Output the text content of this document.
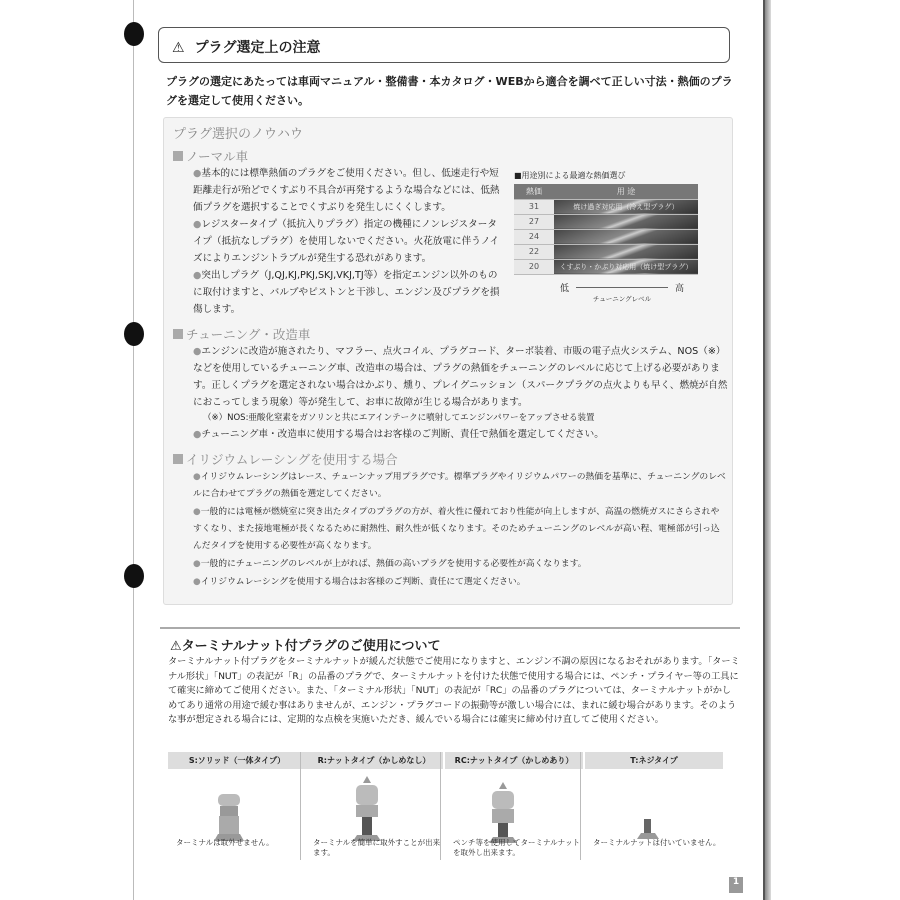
⚠ プラグ選定上の注意
プラグの選定にあたっては車両マニュアル・整備書・本カタログ・WEBから適合を調べて正しい寸法・熱価のプラグを選定して使用ください。
プラグ選択のノウハウ
ノーマル車
●基本的には標準熱価のプラグをご使用ください。但し、低速走行や短距離走行が殆どでくすぶり不具合が再発するような場合などには、低熱価プラグを選択することでくすぶりを発生しにくくします。
●レジスタータイプ（抵抗入りプラグ）指定の機種にノンレジスタータイプ（抵抗なしプラグ）を使用しないでください。火花放電に伴うノイズによりエンジントラブルが発生する恐れがあります。
●突出しプラグ（J,QJ,KJ,PKJ,SKJ,VKJ,TJ等）を指定エンジン以外のものに取付けますと、バルブやピストンと干渉し、エンジン及びプラグを損傷します。
チューニング・改造車
●エンジンに改造が施されたり、マフラー、点火コイル、プラグコード、ターボ装着、市販の電子点火システム、NOS（※）などを使用しているチューニング車、改造車の場合は、プラグの熱価をチューニングのレベルに応じて上げる必要があります。正しくプラグを選定されない場合はかぶり、燻り、プレイグニッション（スパークプラグの点火よりも早く、燃焼が自然におこってしまう現象）等が発生して、お車に故障が生じる場合があります。
（※）NOS:亜酸化窒素をガソリンと共にエアインテークに噴射してエンジンパワーをアップさせる装置
●チューニング車・改造車に使用する場合はお客様のご判断、責任で熱価を選定してください。
イリジウムレーシングを使用する場合
●イリジウムレーシングはレース、チューンナップ用プラグです。標準プラグやイリジウムパワーの熱価を基準に、チューニングのレベルに合わせてプラグの熱価を選定してください。
●一般的には電極が燃焼室に突き出たタイプのプラグの方が、着火性に優れており性能が向上しますが、高温の燃焼ガスにさらされやすくなり、また接地電極が長くなるために耐熱性、耐久性が低くなります。そのためチューニングのレベルが高い程、電極部が引っ込んだタイプを使用する必要性が高くなります。
●一般的にチューニングのレベルが上がれば、熱価の高いプラグを使用する必要性が高くなります。
●イリジウムレーシングを使用する場合はお客様のご判断、責任にて選定ください。
■用途別による最適な熱価選び
熱価	用 途
31	焼け過ぎ対応用（冷え型プラグ）
27	
24	
22	
20	くすぶり・かぶり対応用（焼け型プラグ）
低	高
チューニングレベル
⚠ターミナルナット付プラグのご使用について
ターミナルナット付プラグをターミナルナットが緩んだ状態でご使用になりますと、エンジン不調の原因になるおそれがあります。「ターミナル形状」「NUT」の表記が「R」の品番のプラグで、ターミナルナットを付けた状態で使用する場合には、ペンチ・プライヤー等の工具にて確実に締めてご使用ください。また、「ターミナル形状」「NUT」の表記が「RC」の品番のプラグについては、ターミナルナットがかしめてあり通常の用途で緩む事はありませんが、エンジン・プラグコードの振動等が激しい場合には、まれに緩む場合があります。そのような事が想定される場合には、定期的な点検を実施いただき、緩んでいる場合には確実に締め付け直してご使用ください。
S:ソリッド（一体タイプ）
ターミナルは取外せません。
R:ナットタイプ（かしめなし）
ターミナルを簡単に取外すことが出来ます。
RC:ナットタイプ（かしめあり）
ペンチ等を使用してターミナルナットを取外し出来ます。
T:ネジタイプ
ターミナルナットは付いていません。
1
